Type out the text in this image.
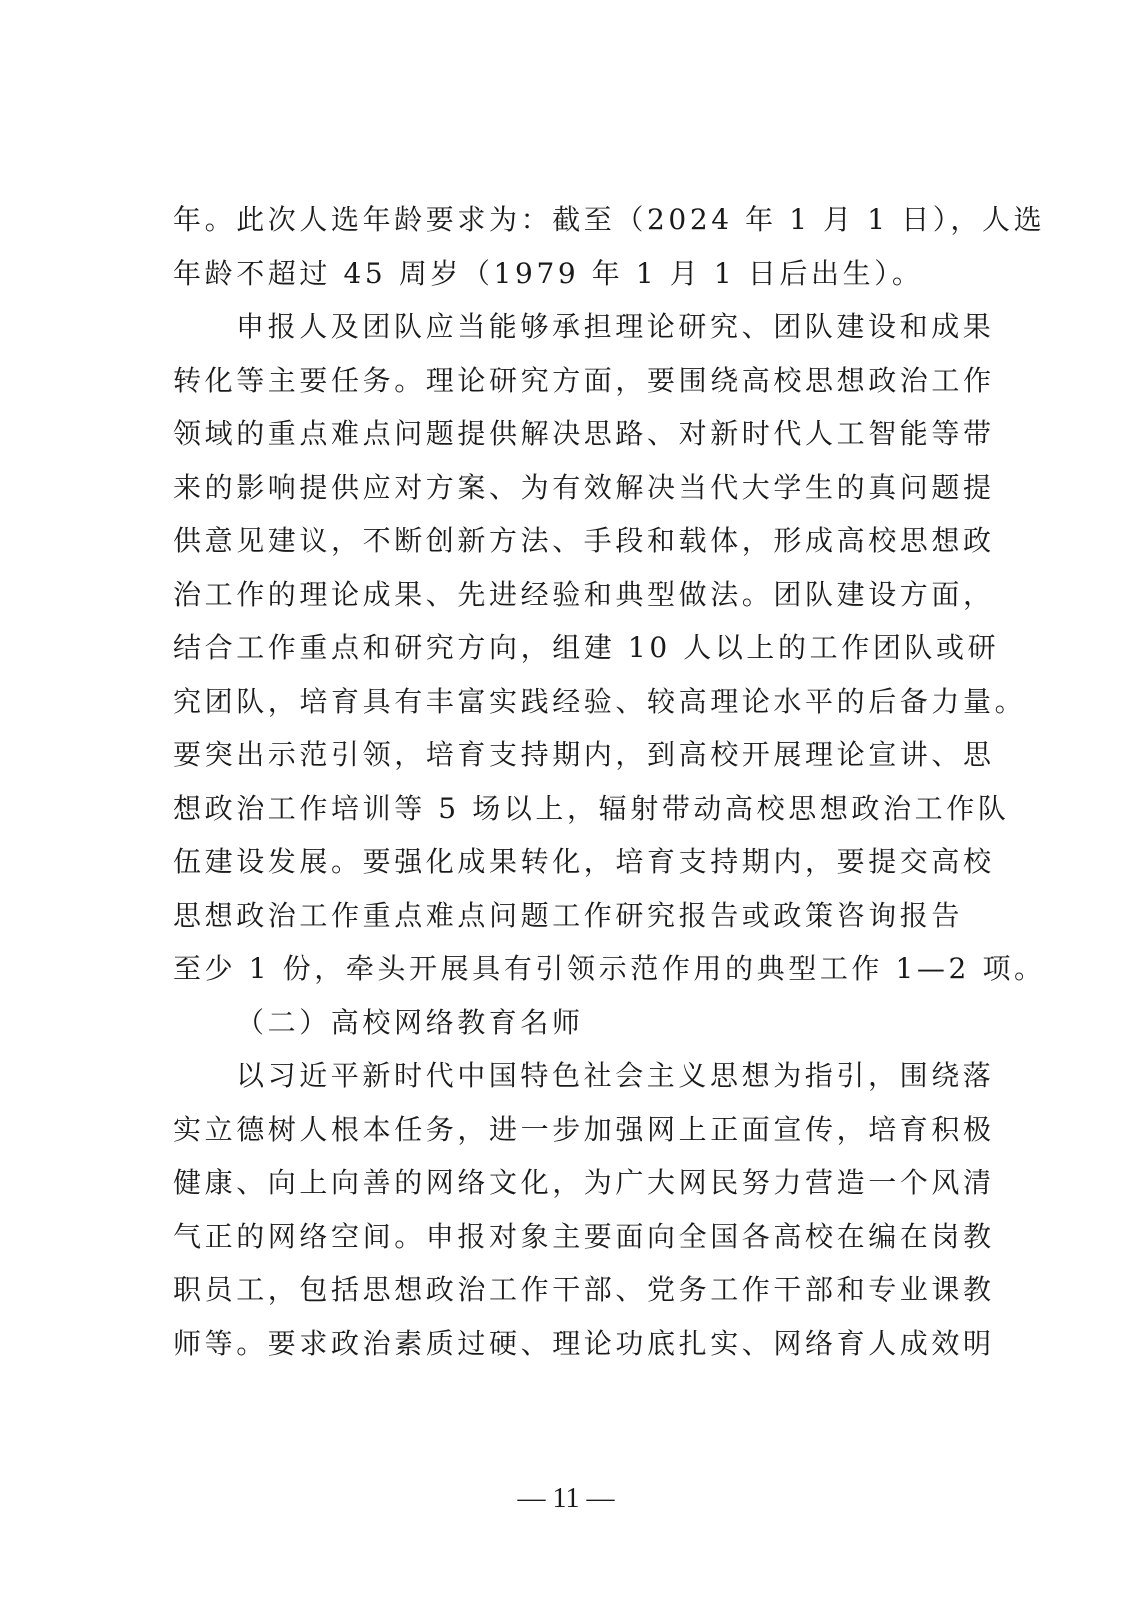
年。此次人选年龄要求为：截至（2024 年 1 月 1 日），人选
年龄不超过 45 周岁（1979 年 1 月 1 日后出生）。
申报人及团队应当能够承担理论研究、团队建设和成果
转化等主要任务。理论研究方面，要围绕高校思想政治工作
领域的重点难点问题提供解决思路、对新时代人工智能等带
来的影响提供应对方案、为有效解决当代大学生的真问题提
供意见建议，不断创新方法、手段和载体，形成高校思想政
治工作的理论成果、先进经验和典型做法。团队建设方面，
结合工作重点和研究方向，组建 10 人以上的工作团队或研
究团队，培育具有丰富实践经验、较高理论水平的后备力量。
要突出示范引领，培育支持期内，到高校开展理论宣讲、思
想政治工作培训等 5 场以上，辐射带动高校思想政治工作队
伍建设发展。要强化成果转化，培育支持期内，要提交高校
思想政治工作重点难点问题工作研究报告或政策咨询报告
至少 1 份，牵头开展具有引领示范作用的典型工作 1—2 项。
（二）高校网络教育名师
以习近平新时代中国特色社会主义思想为指引，围绕落
实立德树人根本任务，进一步加强网上正面宣传，培育积极
健康、向上向善的网络文化，为广大网民努力营造一个风清
气正的网络空间。申报对象主要面向全国各高校在编在岗教
职员工，包括思想政治工作干部、党务工作干部和专业课教
师等。要求政治素质过硬、理论功底扎实、网络育人成效明
— 11 —
